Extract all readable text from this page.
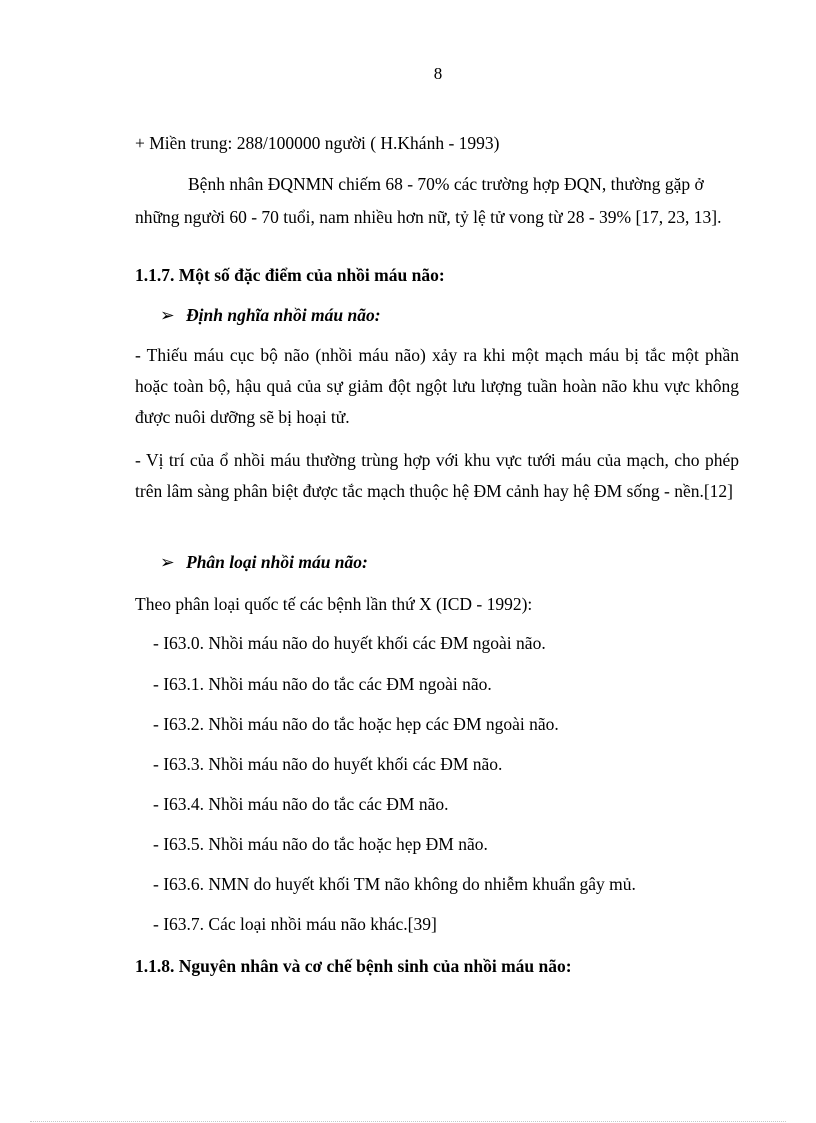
8
+ Miền trung: 288/100000 người ( H.Khánh - 1993)
Bệnh nhân ĐQNMN chiếm 68 - 70% các trường hợp ĐQN, thường gặp ở
những người 60 - 70 tuổi, nam nhiều hơn nữ, tỷ lệ tử vong từ 28 - 39% [17, 23, 13].
1.1.7. Một số đặc điểm của nhồi máu não:
➢ Định nghĩa nhồi máu não:
- Thiếu máu cục bộ não (nhồi máu não) xảy ra khi một mạch máu bị tắc một phần hoặc toàn bộ, hậu quả của sự giảm đột ngột lưu lượng tuần hoàn não khu vực không được nuôi dưỡng sẽ bị hoại tử.
- Vị trí của ổ nhồi máu thường trùng hợp với khu vực tưới máu của mạch, cho phép trên lâm sàng phân biệt được tắc mạch thuộc hệ ĐM cảnh hay hệ ĐM sống - nền.[12]
➢ Phân loại nhồi máu não:
Theo phân loại quốc tế các bệnh lần thứ X (ICD - 1992):
- I63.0. Nhồi máu não do huyết khối các ĐM ngoài não.
- I63.1. Nhồi máu não do tắc các ĐM ngoài não.
- I63.2. Nhồi máu não do tắc hoặc hẹp các ĐM ngoài não.
- I63.3. Nhồi máu não do huyết khối các ĐM não.
- I63.4. Nhồi máu não do tắc các ĐM não.
- I63.5. Nhồi máu não do tắc hoặc hẹp ĐM não.
- I63.6. NMN do huyết khối TM não không do nhiễm khuẩn gây mủ.
- I63.7. Các loại nhồi máu não khác.[39]
1.1.8. Nguyên nhân và cơ chế bệnh sinh của nhồi máu não:
